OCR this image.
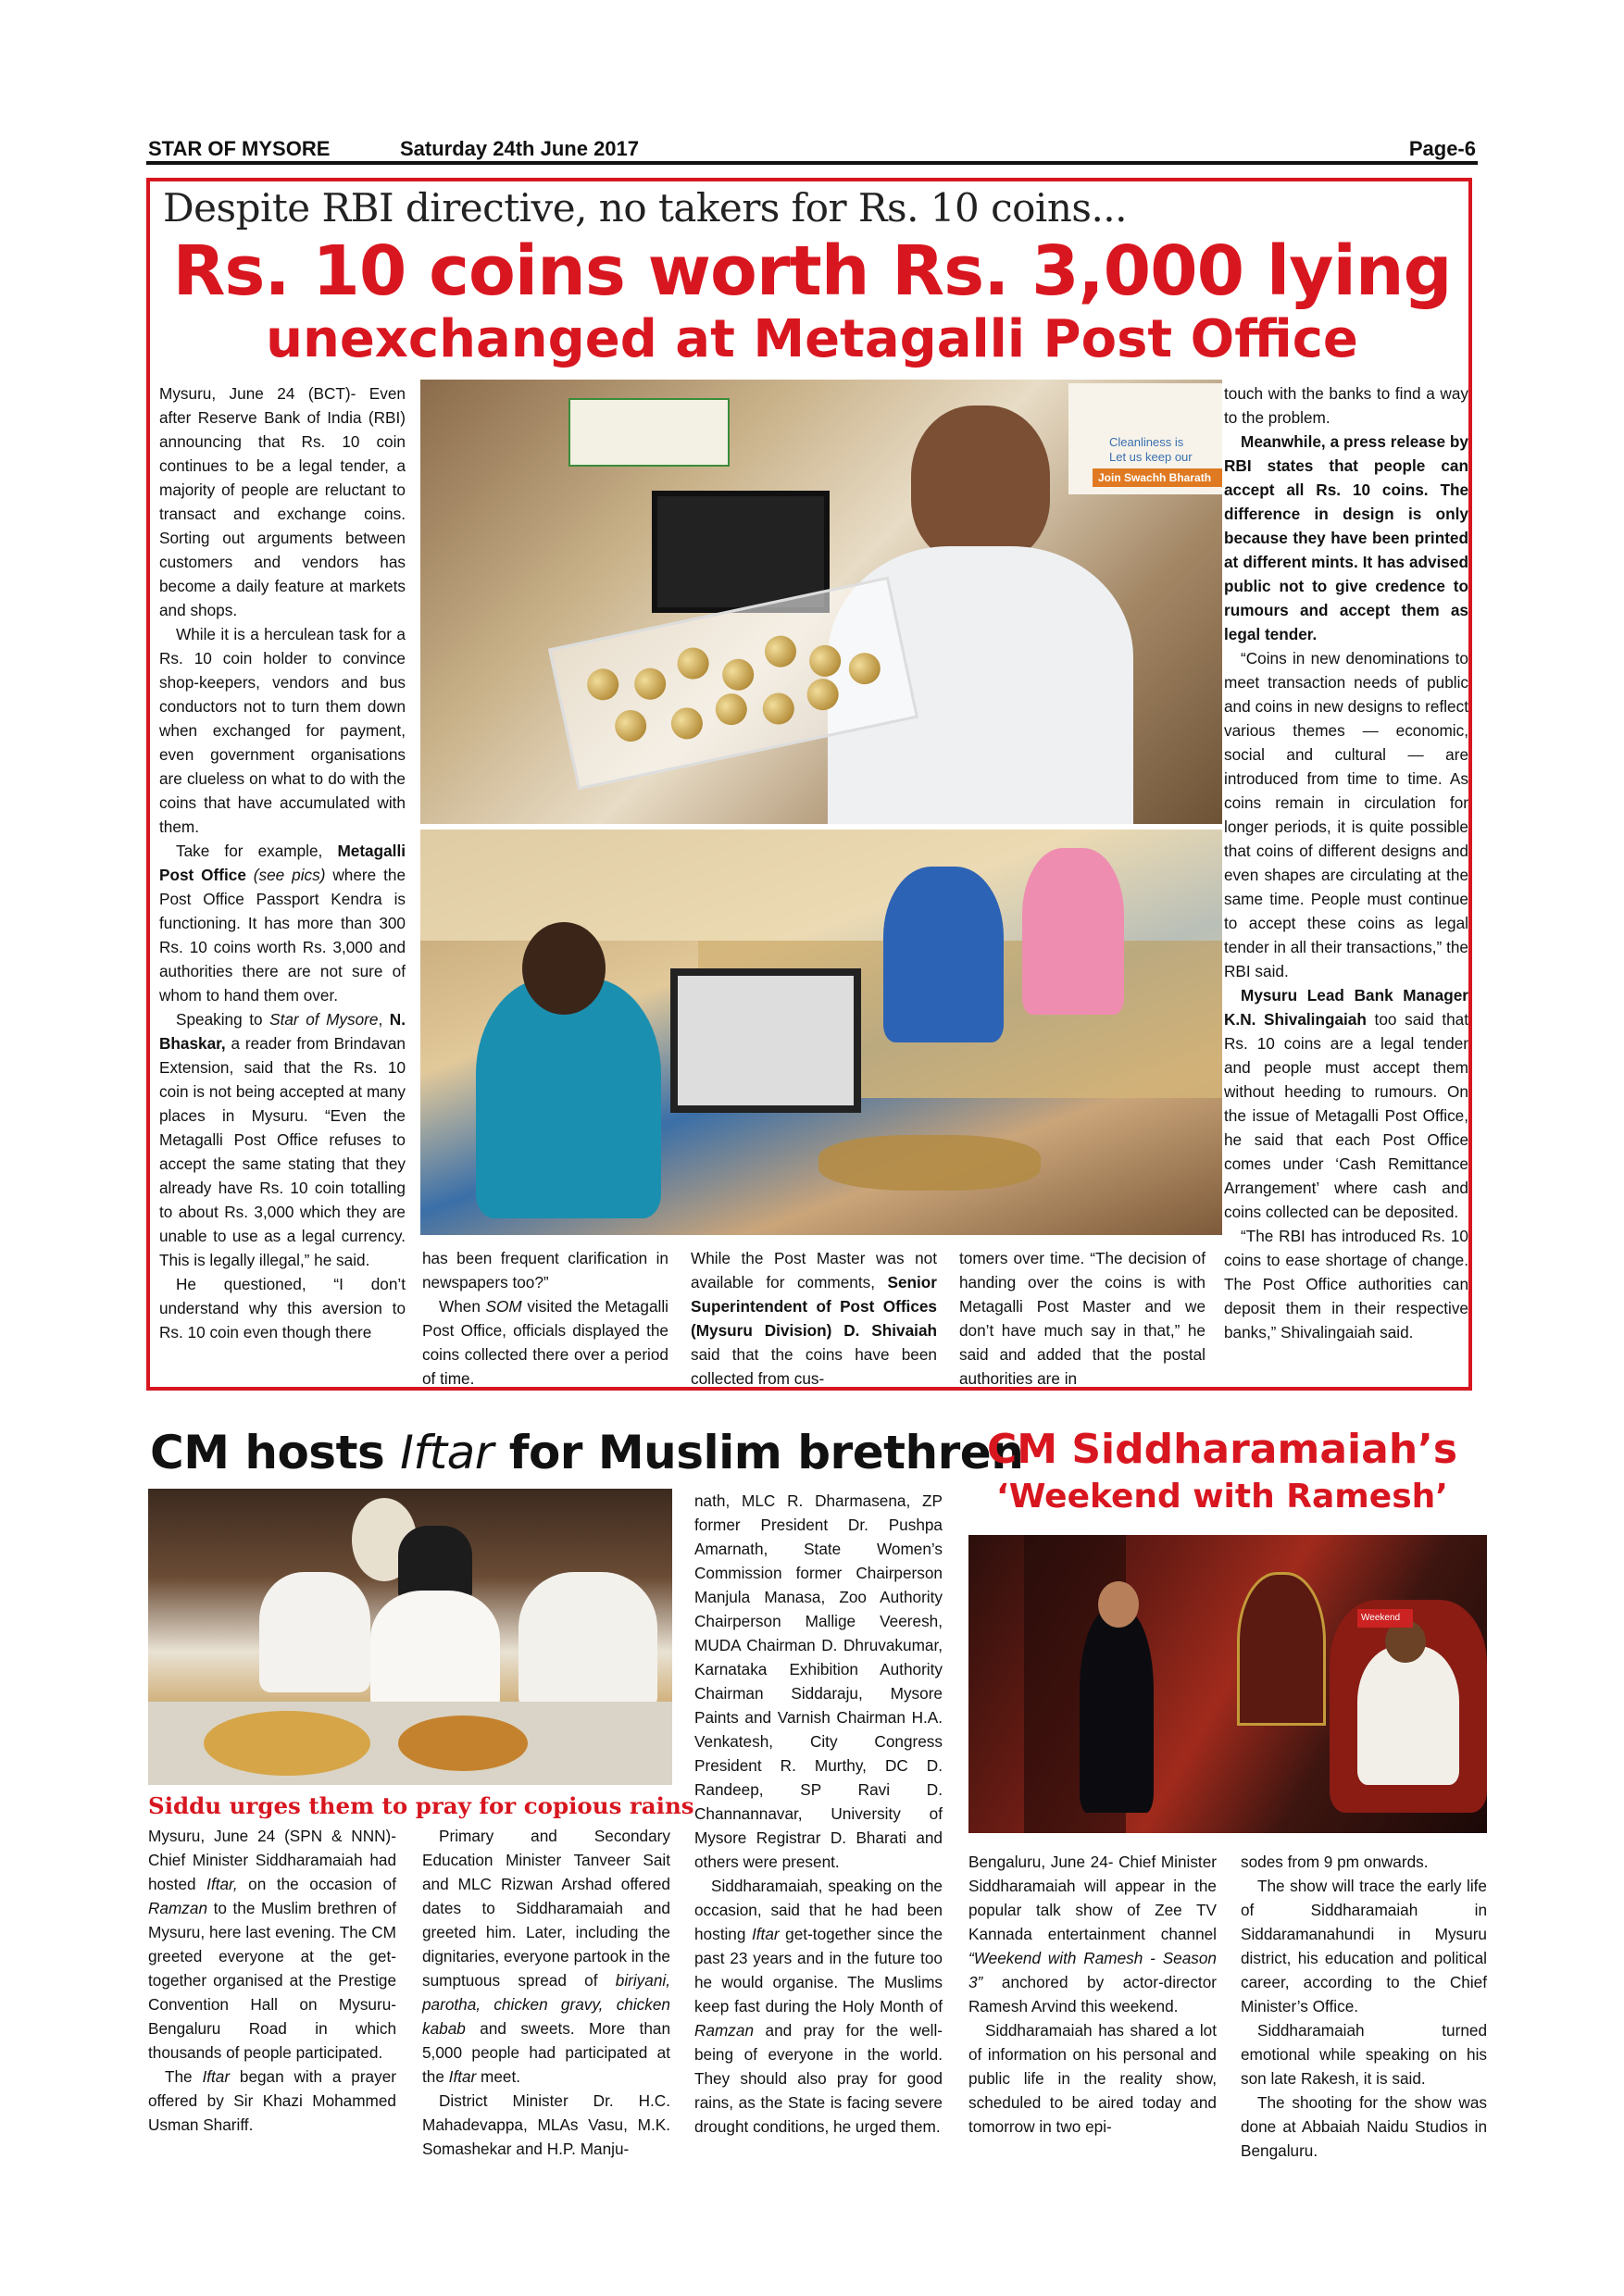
STAR OF MYSORE	Saturday 24th June 2017	Page-6
Despite RBI directive, no takers for Rs. 10 coins...
Rs. 10 coins worth Rs. 3,000 lying
unexchanged at Metagalli Post Office

Mysuru, June 24 (BCT)- Even after Reserve Bank of India (RBI) announcing that Rs. 10 coin continues to be a legal tender, a majority of people are reluctant to transact and exchange coins. Sorting out arguments between customers and vendors has become a daily feature at markets and shops.

While it is a herculean task for a Rs. 10 coin holder to convince shop-keepers, vendors and bus conductors not to turn them down when exchanged for payment, even government organisations are clueless on what to do with the coins that have accumulated with them.

Take for example, Metagalli Post Office (see pics) where the Post Office Passport Kendra is functioning. It has more than 300 Rs. 10 coins worth Rs. 3,000 and authorities there are not sure of whom to hand them over.

Speaking to Star of Mysore, N. Bhaskar, a reader from Brindavan Extension, said that the Rs. 10 coin is not being accepted at many places in Mysuru. “Even the Metagalli Post Office refuses to accept the same stating that they already have Rs. 10 coin totalling to about Rs. 3,000 which they are unable to use as a legal currency. This is legally illegal,” he said.

He questioned, “I don’t understand why this aversion to Rs. 10 coin even though there

Cleanliness is
Let us keep our
Join Swachh Bharath

has been frequent clarification in newspapers too?”

When SOM visited the Metagalli Post Office, officials displayed the coins collected there over a period of time.

While the Post Master was not available for comments, Senior Superintendent of Post Offices (Mysuru Division) D. Shivaiah said that the coins have been collected from cus-

tomers over time. “The decision of handing over the coins is with Metagalli Post Master and we don’t have much say in that,” he said and added that the postal authorities are in

touch with the banks to find a way to the problem.

Meanwhile, a press release by RBI states that people can accept all Rs. 10 coins. The difference in design is only because they have been printed at different mints. It has advised public not to give credence to rumours and accept them as legal tender.

“Coins in new denominations to meet transaction needs of public and coins in new designs to reflect various themes — economic, social and cultural — are introduced from time to time. As coins remain in circulation for longer periods, it is quite possible that coins of different designs and even shapes are circulating at the same time. People must continue to accept these coins as legal tender in all their transactions,” the RBI said.

Mysuru Lead Bank Manager K.N. Shivalingaiah too said that Rs. 10 coins are a legal tender and people must accept them without heeding to rumours. On the issue of Metagalli Post Office, he said that each Post Office comes under ‘Cash Remittance Arrangement’ where cash and coins collected can be deposited.

“The RBI has introduced Rs. 10 coins to ease shortage of change. The Post Office authorities can deposit them in their respective banks,” Shivalingaiah said.

CM hosts Iftar for Muslim brethren
Siddu urges them to pray for copious rains

Mysuru, June 24 (SPN & NNN)- Chief Minister Siddharamaiah had hosted Iftar, on the occasion of Ramzan to the Muslim brethren of Mysuru, here last evening. The CM greeted everyone at the get-together organised at the Prestige Convention Hall on Mysuru-Bengaluru Road in which thousands of people participated.

The Iftar began with a prayer offered by Sir Khazi Mohammed Usman Shariff.

Primary and Secondary Education Minister Tanveer Sait and MLC Rizwan Arshad offered dates to Siddharamaiah and greeted him. Later, including the dignitaries, everyone partook in the sumptuous spread of biriyani, parotha, chicken gravy, chicken kabab and sweets. More than 5,000 people had participated at the Iftar meet.

District Minister Dr. H.C. Mahadevappa, MLAs Vasu, M.K. Somashekar and H.P. Manju-

nath, MLC R. Dharmasena, ZP former President Dr. Pushpa Amarnath, State Women’s Commission former Chairperson Manjula Manasa, Zoo Authority Chairperson Mallige Veeresh, MUDA Chairman D. Dhruvakumar, Karnataka Exhibition Authority Chairman Siddaraju, Mysore Paints and Varnish Chairman H.A. Venkatesh, City Congress President R. Murthy, DC D. Randeep, SP Ravi D. Channannavar, University of Mysore Registrar D. Bharati and others were present.

Siddharamaiah, speaking on the occasion, said that he had been hosting Iftar get-together since the past 23 years and in the future too he would organise. The Muslims keep fast during the Holy Month of Ramzan and pray for the well-being of everyone in the world. They should also pray for good rains, as the State is facing severe drought conditions, he urged them.

CM Siddharamaiah’s
‘Weekend with Ramesh’
Weekend

Bengaluru, June 24- Chief Minister Siddharamaiah will appear in the popular talk show of Zee TV Kannada entertainment channel “Weekend with Ramesh - Season 3” anchored by actor-director Ramesh Arvind this weekend.

Siddharamaiah has shared a lot of information on his personal and public life in the reality show, scheduled to be aired today and tomorrow in two epi-

sodes from 9 pm onwards.

The show will trace the early life of Siddharamaiah in Siddaramanahundi in Mysuru district, his education and political career, according to the Chief Minister’s Office.

Siddharamaiah turned emotional while speaking on his son late Rakesh, it is said.

The shooting for the show was done at Abbaiah Naidu Studios in Bengaluru.
